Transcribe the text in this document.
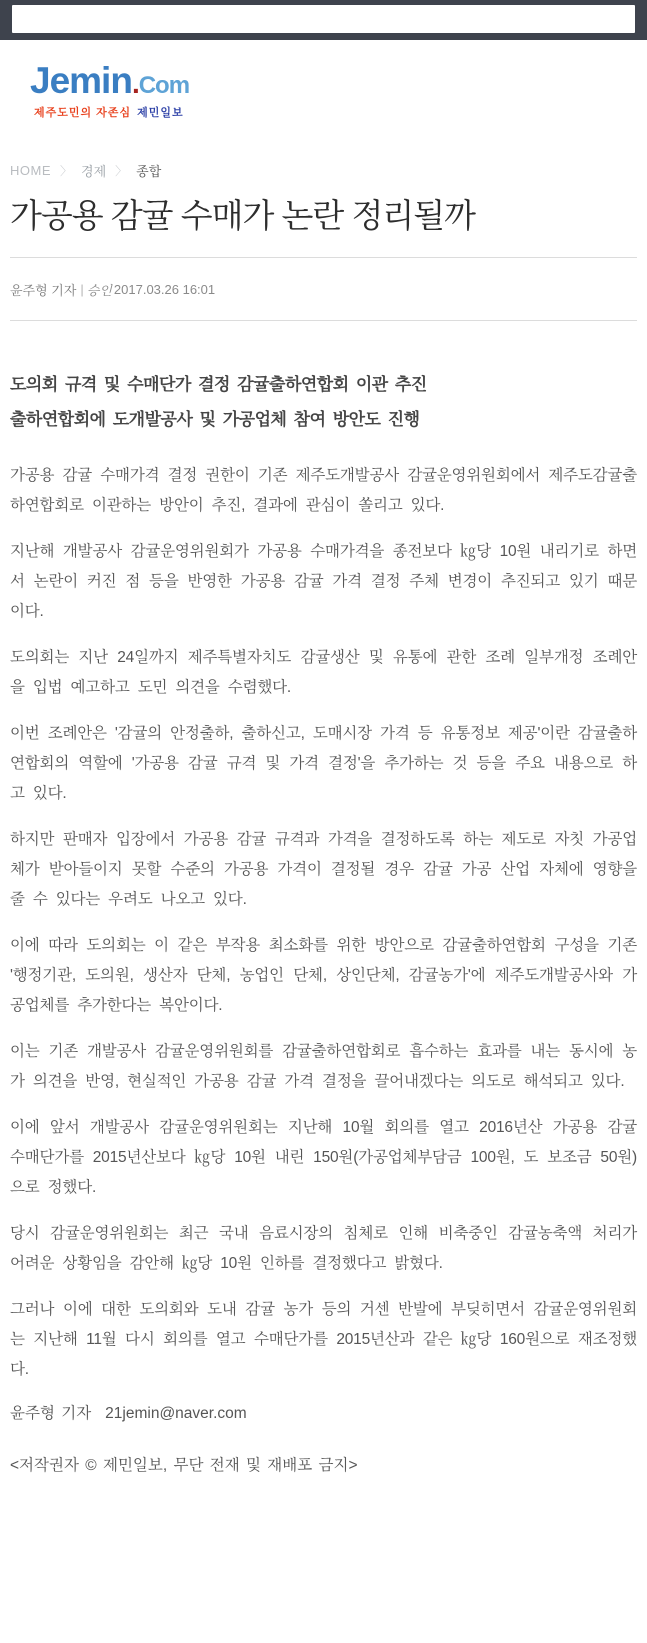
Jemin.Com
제주도민의 자존심 제민일보
HOME 〉 경제 〉 종합
가공용 감귤 수매가 논란 정리될까
윤주형 기자 | 승인 2017.03.26 16:01
도의회 규격 및 수매단가 결정 감귤출하연합회 이관 추진
출하연합회에 도개발공사 및 가공업체 참여 방안도 진행

가공용 감귤 수매가격 결정 권한이 기존 제주도개발공사 감귤운영위원회에서 제주도감귤출하연합회로 이관하는 방안이 추진, 결과에 관심이 쏠리고 있다.

지난해 개발공사 감귤운영위원회가 가공용 수매가격을 종전보다 ㎏당 10원 내리기로 하면서 논란이 커진 점 등을 반영한 가공용 감귤 가격 결정 주체 변경이 추진되고 있기 때문이다.

도의회는 지난 24일까지 제주특별자치도 감귤생산 및 유통에 관한 조례 일부개정 조례안을 입법 예고하고 도민 의견을 수렴했다.

이번 조례안은 '감귤의 안정출하, 출하신고, 도매시장 가격 등 유통정보 제공'이란 감귤출하연합회의 역할에 '가공용 감귤 규격 및 가격 결정'을 추가하는 것 등을 주요 내용으로 하고 있다.

하지만 판매자 입장에서 가공용 감귤 규격과 가격을 결정하도록 하는 제도로 자칫 가공업체가 받아들이지 못할 수준의 가공용 가격이 결정될 경우 감귤 가공 산업 자체에 영향을 줄 수 있다는 우려도 나오고 있다.

이에 따라 도의회는 이 같은 부작용 최소화를 위한 방안으로 감귤출하연합회 구성을 기존 '행정기관, 도의원, 생산자 단체, 농업인 단체, 상인단체, 감귤농가'에 제주도개발공사와 가공업체를 추가한다는 복안이다.

이는 기존 개발공사 감귤운영위원회를 감귤출하연합회로 흡수하는 효과를 내는 동시에 농가 의견을 반영, 현실적인 가공용 감귤 가격 결정을 끌어내겠다는 의도로 해석되고 있다.

이에 앞서 개발공사 감귤운영위원회는 지난해 10월 회의를 열고 2016년산 가공용 감귤 수매단가를 2015년산보다 ㎏당 10원 내린 150원(가공업체부담금 100원, 도 보조금 50원)으로 정했다.

당시 감귤운영위원회는 최근 국내 음료시장의 침체로 인해 비축중인 감귤농축액 처리가 어려운 상황임을 감안해 ㎏당 10원 인하를 결정했다고 밝혔다.

그러나 이에 대한 도의회와 도내 감귤 농가 등의 거센 반발에 부딪히면서 감귤운영위원회는 지난해 11월 다시 회의를 열고 수매단가를 2015년산과 같은 ㎏당 160원으로 재조정했다.

윤주형 기자 21jemin@naver.com
<저작권자 © 제민일보, 무단 전재 및 재배포 금지>
